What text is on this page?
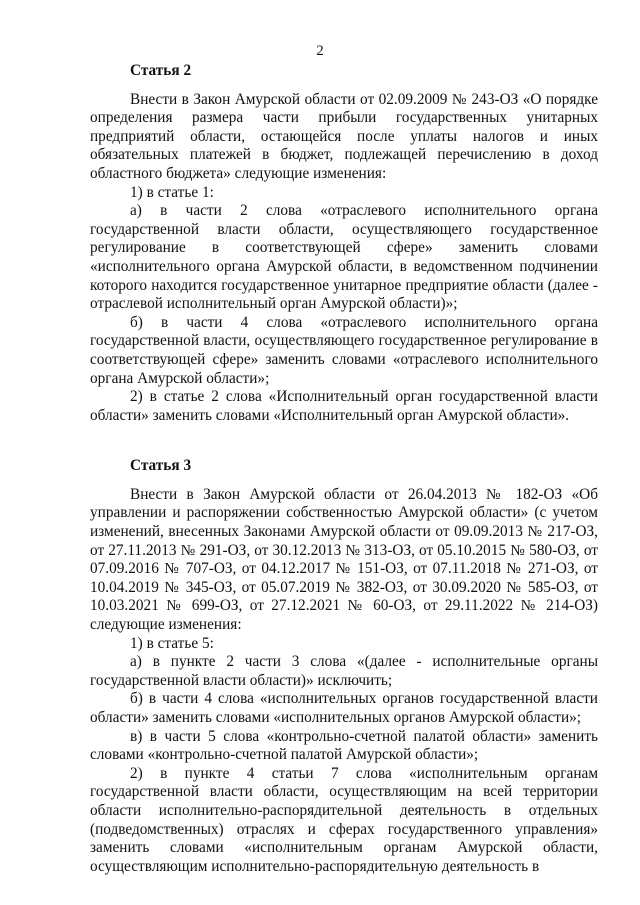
2

Статья 2

Внести в Закон Амурской области от 02.09.2009 № 243-ОЗ «О порядке определения размера части прибыли государственных унитарных предприятий области, остающейся после уплаты налогов и иных обязательных платежей в бюджет, подлежащей перечислению в доход областного бюджета» следующие изменения:

1) в статье 1:

а) в части 2 слова «отраслевого исполнительного органа государственной власти области, осуществляющего государственное регулирование в соответствующей сфере» заменить словами «исполнительного органа Амурской области, в ведомственном подчинении которого находится государственное унитарное предприятие области (далее - отраслевой исполнительный орган Амурской области)»;

б) в части 4 слова «отраслевого исполнительного органа государственной власти, осуществляющего государственное регулирование в соответствующей сфере» заменить словами «отраслевого исполнительного органа Амурской области»;

2) в статье 2 слова «Исполнительный орган государственной власти области» заменить словами «Исполнительный орган Амурской области».

Статья 3

Внести в Закон Амурской области от 26.04.2013 № 182-ОЗ «Об управлении и распоряжении собственностью Амурской области» (с учетом изменений, внесенных Законами Амурской области от 09.09.2013 № 217-ОЗ, от 27.11.2013 № 291-ОЗ, от 30.12.2013 № 313-ОЗ, от 05.10.2015 № 580-ОЗ, от 07.09.2016 № 707-ОЗ, от 04.12.2017 № 151-ОЗ, от 07.11.2018 № 271-ОЗ, от 10.04.2019 № 345-ОЗ, от 05.07.2019 № 382-ОЗ, от 30.09.2020 № 585-ОЗ, от 10.03.2021 № 699-ОЗ, от 27.12.2021 № 60-ОЗ, от 29.11.2022 № 214-ОЗ) следующие изменения:

1) в статье 5:

а) в пункте 2 части 3 слова «(далее - исполнительные органы государственной власти области)» исключить;

б) в части 4 слова «исполнительных органов государственной власти области» заменить словами «исполнительных органов Амурской области»;

в) в части 5 слова «контрольно-счетной палатой области» заменить словами «контрольно-счетной палатой Амурской области»;

2) в пункте 4 статьи 7 слова «исполнительным органам государственной власти области, осуществляющим на всей территории области исполнительно-распорядительной деятельность в отдельных (подведомственных) отраслях и сферах государственного управления» заменить словами «исполнительным органам Амурской области, осуществляющим исполнительно-распорядительную деятельность в
